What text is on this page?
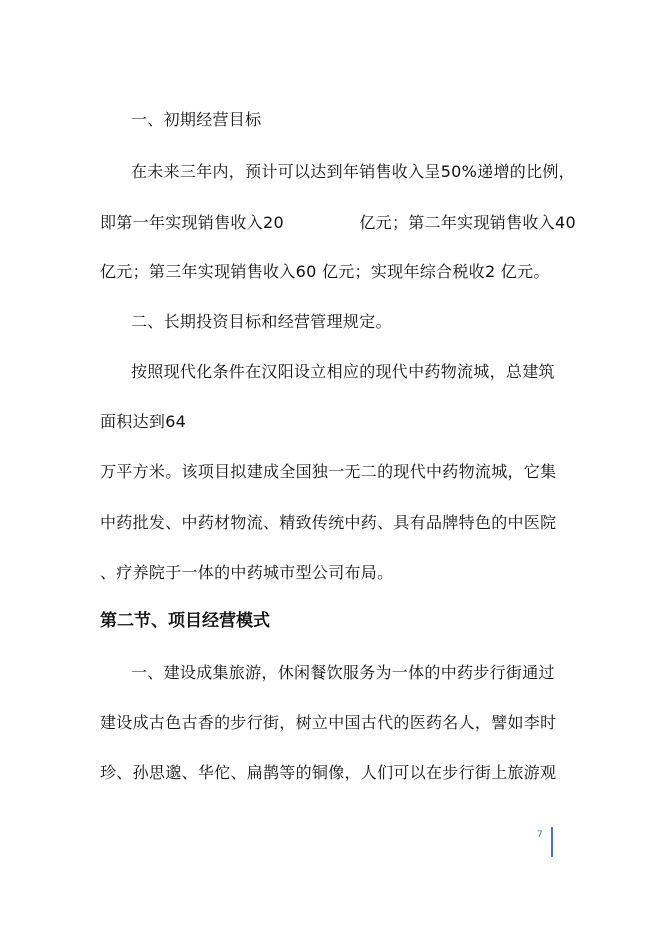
一、初期经营目标
在未来三年内，预计可以达到年销售收入呈50%递增的比例，
即第一年实现销售收入20              亿元；第二年实现销售收入40
亿元；第三年实现销售收入60 亿元；实现年综合税收2 亿元。
二、长期投资目标和经营管理规定。
按照现代化条件在汉阳设立相应的现代中药物流城，总建筑
面积达到64
万平方米。该项目拟建成全国独一无二的现代中药物流城，它集
中药批发、中药材物流、精致传统中药、具有品牌特色的中医院
、疗养院于一体的中药城市型公司布局。
第二节、项目经营模式
一、建设成集旅游，休闲餐饮服务为一体的中药步行街通过
建设成古色古香的步行街，树立中国古代的医药名人，譬如李时
珍、孙思邈、华佗、扁鹊等的铜像，人们可以在步行街上旅游观
7
